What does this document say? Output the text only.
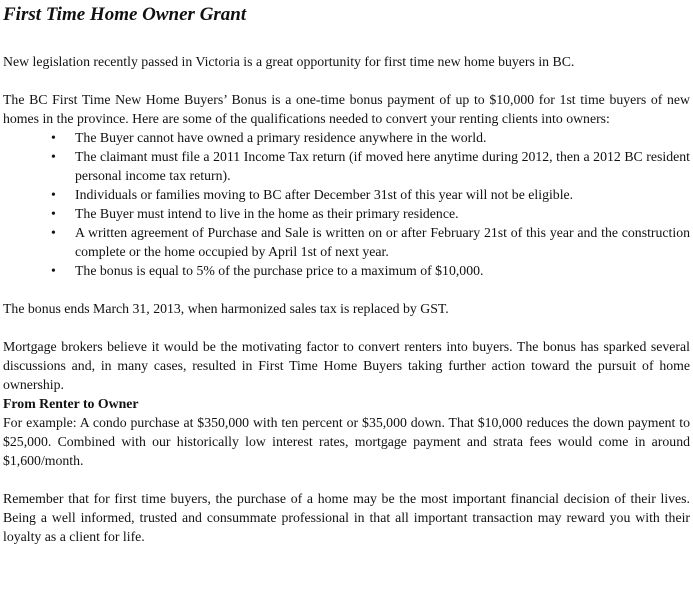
First Time Home Owner Grant

New legislation recently passed in Victoria is a great opportunity for first time new home buyers in BC.

The BC First Time New Home Buyers’ Bonus is a one-time bonus payment of up to $10,000 for 1st time buyers of new homes in the province. Here are some of the qualifications needed to convert your renting clients into owners:

• The Buyer cannot have owned a primary residence anywhere in the world.
• The claimant must file a 2011 Income Tax return (if moved here anytime during 2012, then a 2012 BC resident personal income tax return).
• Individuals or families moving to BC after December 31st of this year will not be eligible.
• The Buyer must intend to live in the home as their primary residence.
• A written agreement of Purchase and Sale is written on or after February 21st of this year and the construction complete or the home occupied by April 1st of next year.
• The bonus is equal to 5% of the purchase price to a maximum of $10,000.

The bonus ends March 31, 2013, when harmonized sales tax is replaced by GST.

Mortgage brokers believe it would be the motivating factor to convert renters into buyers. The bonus has sparked several discussions and, in many cases, resulted in First Time Home Buyers taking further action toward the pursuit of home ownership.

From Renter to Owner

For example: A condo purchase at $350,000 with ten percent or $35,000 down. That $10,000 reduces the down payment to $25,000. Combined with our historically low interest rates, mortgage payment and strata fees would come in around $1,600/month.

Remember that for first time buyers, the purchase of a home may be the most important financial decision of their lives. Being a well informed, trusted and consummate professional in that all important transaction may reward you with their loyalty as a client for life.
